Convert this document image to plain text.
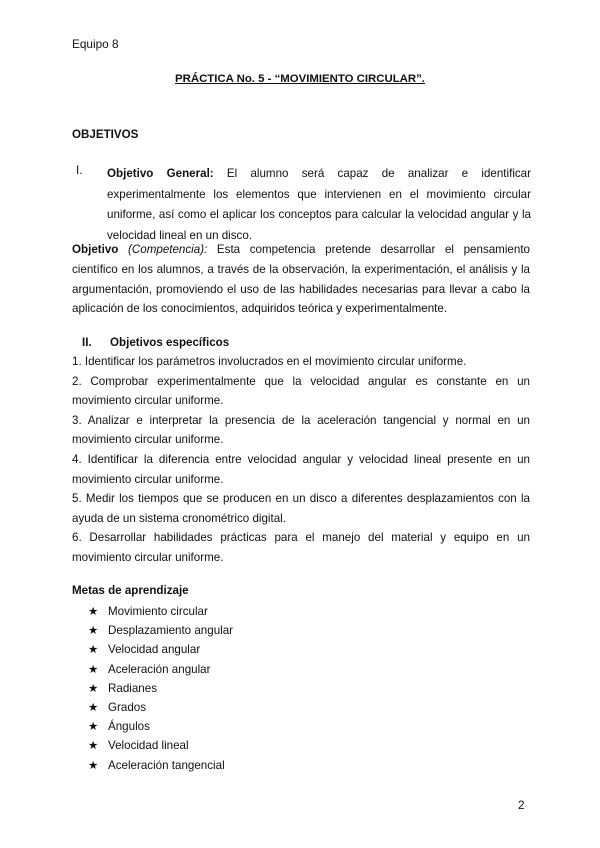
Equipo 8
PRÁCTICA No. 5 - “MOVIMIENTO CIRCULAR”.
OBJETIVOS
I. Objetivo General: El alumno será capaz de analizar e identificar experimentalmente los elementos que intervienen en el movimiento circular uniforme, así como el aplicar los conceptos para calcular la velocidad angular y la velocidad lineal en un disco.
Objetivo (Competencia): Esta competencia pretende desarrollar el pensamiento científico en los alumnos, a través de la observación, la experimentación, el análisis y la argumentación, promoviendo el uso de las habilidades necesarias para llevar a cabo la aplicación de los conocimientos, adquiridos teórica y experimentalmente.
II. Objetivos específicos

1. Identificar los parámetros involucrados en el movimiento circular uniforme.

2. Comprobar experimentalmente que la velocidad angular es constante en un movimiento circular uniforme.

3. Analizar e interpretar la presencia de la aceleración tangencial y normal en un movimiento circular uniforme.

4. Identificar la diferencia entre velocidad angular y velocidad lineal presente en un movimiento circular uniforme.

5. Medir los tiempos que se producen en un disco a diferentes desplazamientos con la ayuda de un sistema cronométrico digital.

6. Desarrollar habilidades prácticas para el manejo del material y equipo en un movimiento circular uniforme.

Metas de aprendizaje
★ Movimiento circular
★ Desplazamiento angular
★ Velocidad angular
★ Aceleración angular
★ Radianes
★ Grados
★ Ángulos
★ Velocidad lineal
★ Aceleración tangencial
2
